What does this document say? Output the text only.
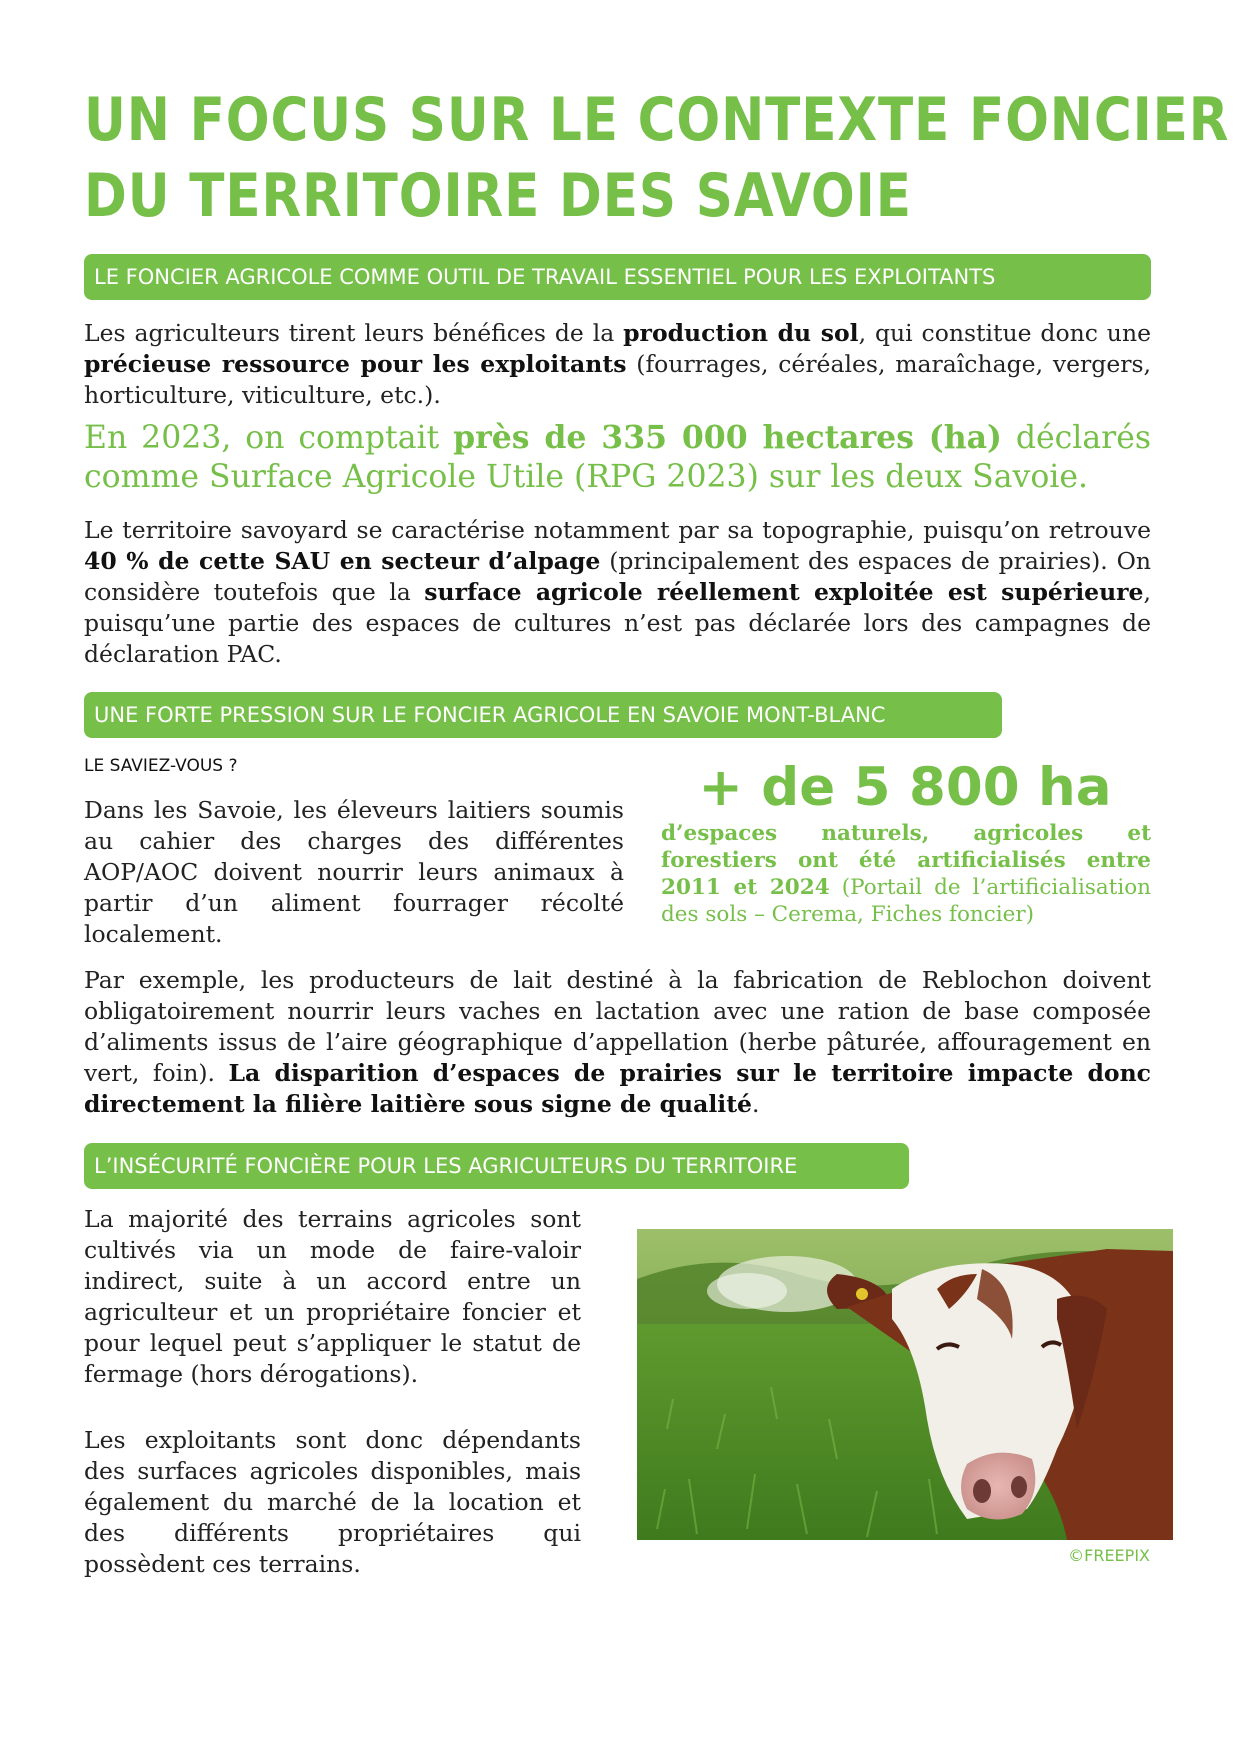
UN FOCUS SUR LE CONTEXTE FONCIER
DU TERRITOIRE DES SAVOIE
LE FONCIER AGRICOLE COMME OUTIL DE TRAVAIL ESSENTIEL POUR LES EXPLOITANTS

Les agriculteurs tirent leurs bénéfices de la production du sol, qui constitue donc une précieuse ressource pour les exploitants (fourrages, céréales, maraîchage, vergers, horticulture, viticulture, etc.).

En 2023, on comptait près de 335 000 hectares (ha) déclarés comme Surface Agricole Utile (RPG 2023) sur les deux Savoie.

Le territoire savoyard se caractérise notamment par sa topographie, puisqu’on retrouve 40 % de cette SAU en secteur d’alpage (principalement des espaces de prairies). On considère toutefois que la surface agricole réellement exploitée est supérieure, puisqu’une partie des espaces de cultures n’est pas déclarée lors des campagnes de déclaration PAC.

UNE FORTE PRESSION SUR LE FONCIER AGRICOLE EN SAVOIE MONT-BLANC
LE SAVIEZ-VOUS ?

Dans les Savoie, les éleveurs laitiers soumis au cahier des charges des différentes AOP/AOC doivent nourrir leurs animaux à partir d’un aliment fourrager récolté localement.

+ de 5 800 ha
d’espaces naturels, agricoles et forestiers ont été artificialisés entre 2011 et 2024 (Portail de l’artificialisation des sols – Cerema, Fiches foncier)

Par exemple, les producteurs de lait destiné à la fabrication de Reblochon doivent obligatoirement nourrir leurs vaches en lactation avec une ration de base composée d’aliments issus de l’aire géographique d’appellation (herbe pâturée, affouragement en vert, foin). La disparition d’espaces de prairies sur le territoire impacte donc directement la filière laitière sous signe de qualité.

L’INSÉCURITÉ FONCIÈRE POUR LES AGRICULTEURS DU TERRITOIRE

La majorité des terrains agricoles sont cultivés via un mode de faire-valoir indirect, suite à un accord entre un agriculteur et un propriétaire foncier et pour lequel peut s’appliquer le statut de fermage (hors dérogations).

Les exploitants sont donc dépendants des surfaces agricoles disponibles, mais également du marché de la location et des différents propriétaires qui possèdent ces terrains.	©FREEPIX
